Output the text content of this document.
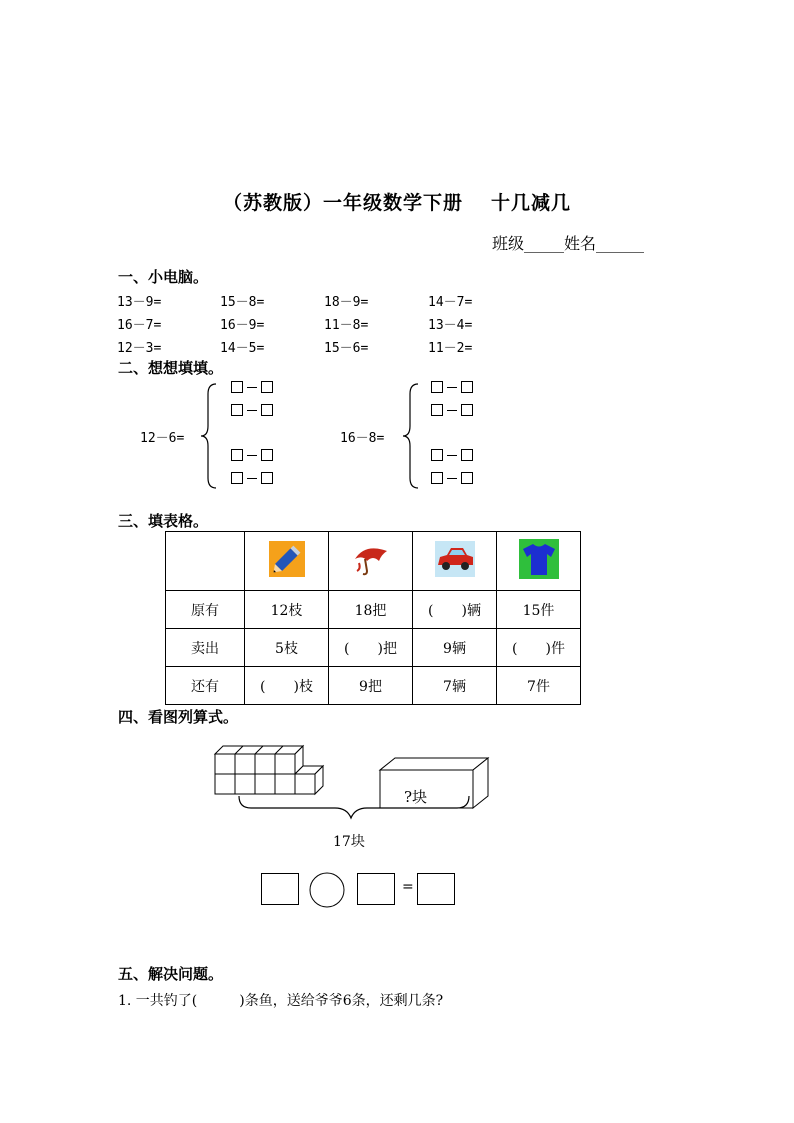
（苏教版）一年级数学下册 十几减几
班级_____姓名______
一、小电脑。
13－9=	15－8=	18－9=	14－7=
16－7=	16－9=	11－8=	13－4=
12－3=	14－5=	15－6=	11－2=
二、想想填填。
12－6=	16－8=
三、填表格。

原有	12枝	18把	(　　)辆	15件
卖出	5枝	(　　)把	9辆	(　　)件
还有	(　　)枝	9把	7辆	7件
四、看图列算式。
?块
17块
=
五、解决问题。
1. 一共钓了(　　　)条鱼，送给爷爷6条，还剩几条?
